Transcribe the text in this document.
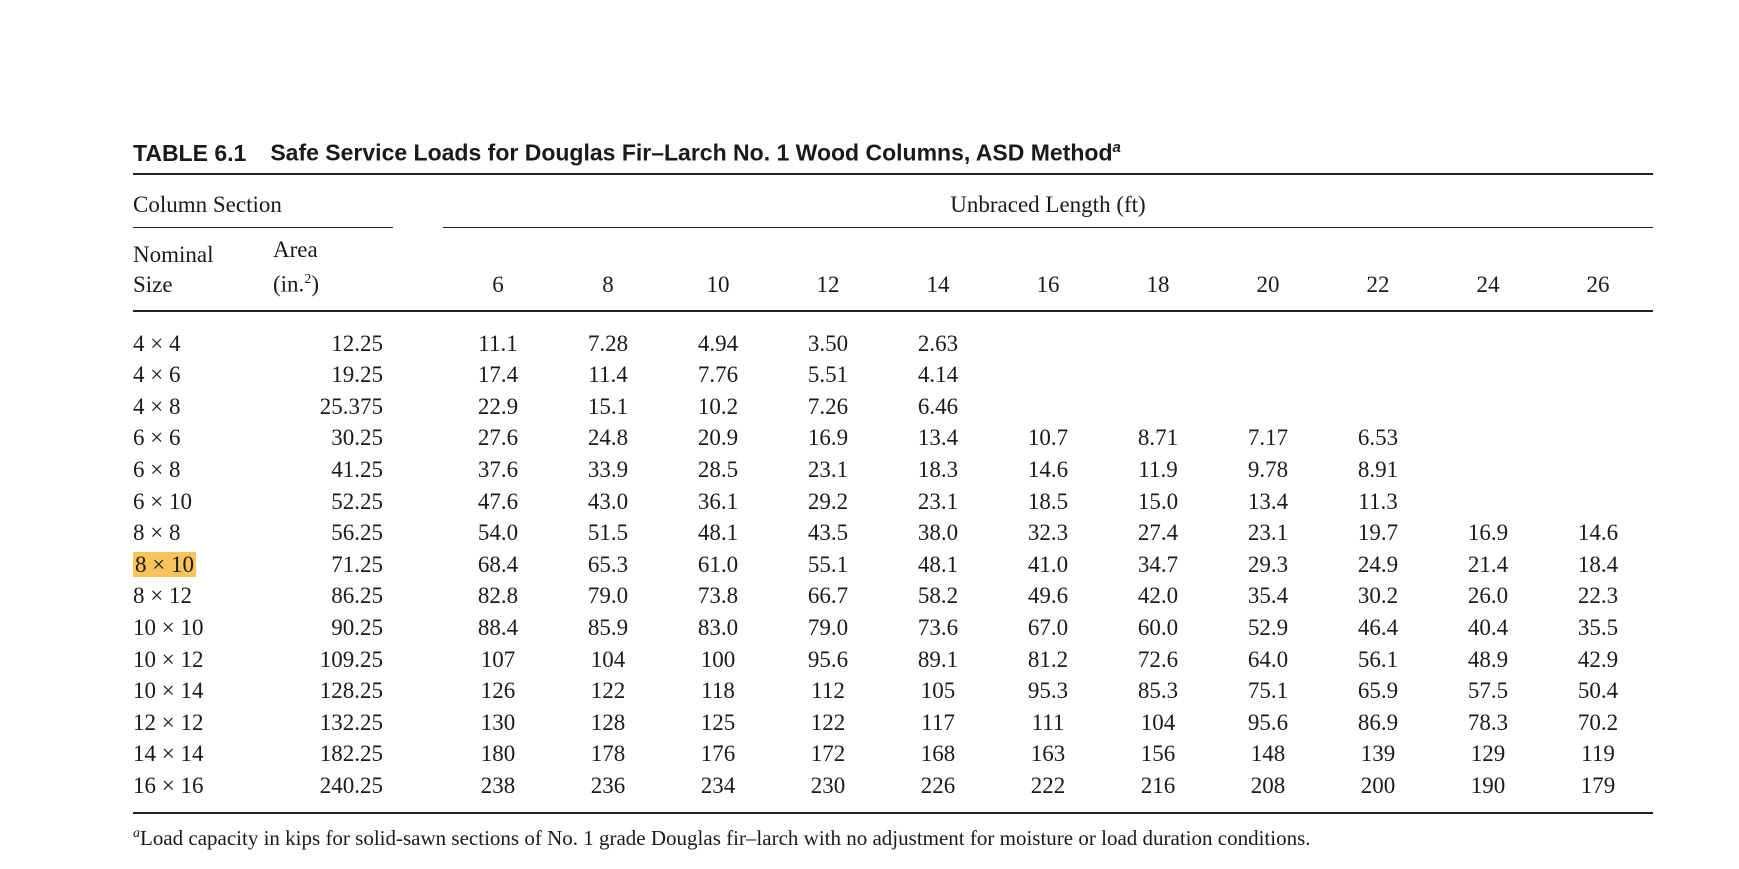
TABLE 6.1 Safe Service Loads for Douglas Fir–Larch No. 1 Wood Columns, ASD Method$^a$

Column Section			Unbraced Length (ft)										

Nominal
Size	Area
(in.$^2$)		6	8	10	12	14	16	18	20	22	24	26

4 × 4	12.25		11.1	7.28	4.94	3.50	2.63						
4 × 6	19.25		17.4	11.4	7.76	5.51	4.14						
4 × 8	25.375		22.9	15.1	10.2	7.26	6.46						
6 × 6	30.25		27.6	24.8	20.9	16.9	13.4	10.7	8.71	7.17	6.53		
6 × 8	41.25		37.6	33.9	28.5	23.1	18.3	14.6	11.9	9.78	8.91		
6 × 10	52.25		47.6	43.0	36.1	29.2	23.1	18.5	15.0	13.4	11.3		
8 × 8	56.25		54.0	51.5	48.1	43.5	38.0	32.3	27.4	23.1	19.7	16.9	14.6
8 × 10	71.25		68.4	65.3	61.0	55.1	48.1	41.0	34.7	29.3	24.9	21.4	18.4
8 × 12	86.25		82.8	79.0	73.8	66.7	58.2	49.6	42.0	35.4	30.2	26.0	22.3
10 × 10	90.25		88.4	85.9	83.0	79.0	73.6	67.0	60.0	52.9	46.4	40.4	35.5
10 × 12	109.25		107	104	100	95.6	89.1	81.2	72.6	64.0	56.1	48.9	42.9
10 × 14	128.25		126	122	118	112	105	95.3	85.3	75.1	65.9	57.5	50.4
12 × 12	132.25		130	128	125	122	117	111	104	95.6	86.9	78.3	70.2
14 × 14	182.25		180	178	176	172	168	163	156	148	139	129	119
16 × 16	240.25		238	236	234	230	226	222	216	208	200	190	179

$^a$Load capacity in kips for solid-sawn sections of No. 1 grade Douglas fir–larch with no adjustment for moisture or load duration conditions.
